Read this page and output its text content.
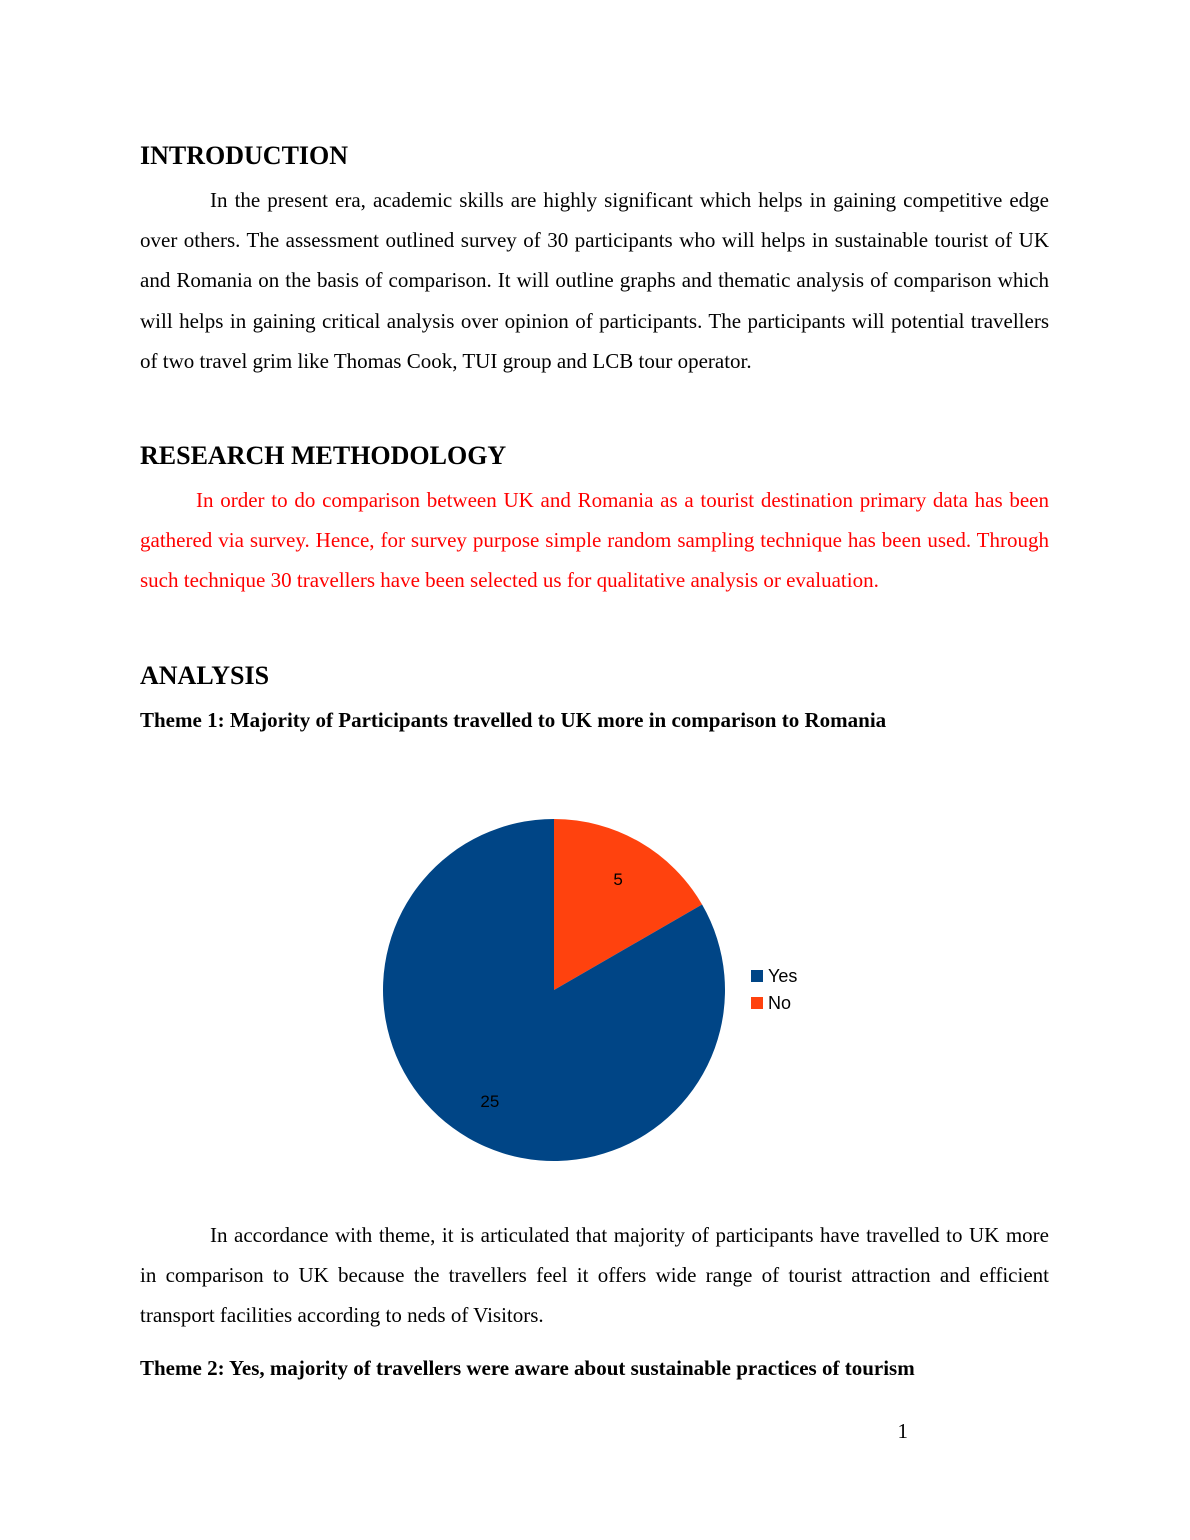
INTRODUCTION

In the present era, academic skills are highly significant which helps in gaining competitive edge over others. The assessment outlined survey of 30 participants who will helps in sustainable tourist of UK and Romania on the basis of comparison. It will outline graphs and thematic analysis of comparison which will helps in gaining critical analysis over opinion of participants. The participants will potential travellers of two travel grim like Thomas Cook, TUI group and LCB tour operator.

RESEARCH METHODOLOGY

In order to do comparison between UK and Romania as a tourist destination primary data has been gathered via survey. Hence, for survey purpose simple random sampling technique has been used. Through such technique 30 travellers have been selected us for qualitative analysis or evaluation.

ANALYSIS
Theme 1: Majority of Participants travelled to UK more in comparison to Romania

In accordance with theme, it is articulated that majority of participants have travelled to UK more in comparison to UK because the travellers feel it offers wide range of tourist attraction and efficient transport facilities according to neds of Visitors.

Theme 2: Yes, majority of travellers were aware about sustainable practices of tourism
1
5
25
Yes
No
